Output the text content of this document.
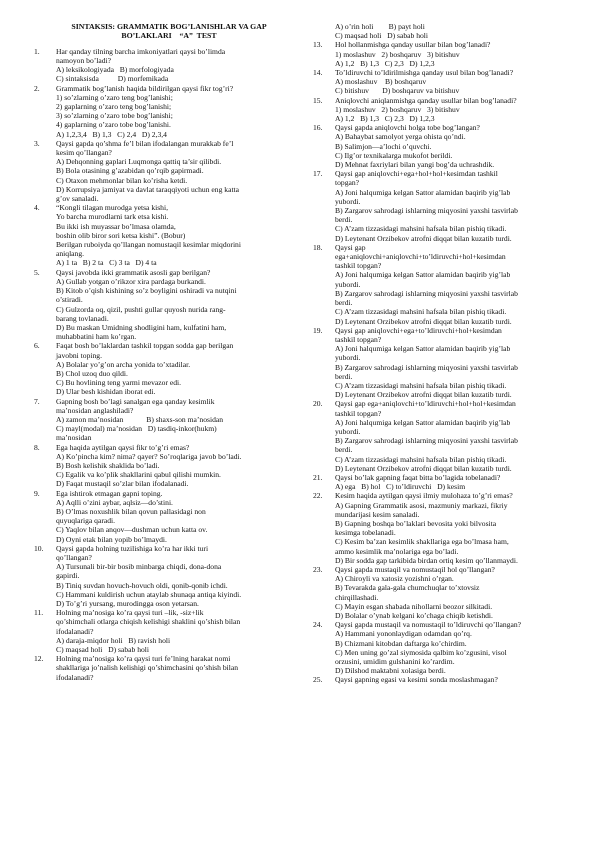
SINTAKSIS: GRAMMATIK BOG’LANISHLAR VA GAP
BO’LAKLARI    “A”  TEST
1.	Har qanday tilning barcha imkoniyatlari qaysi bo’limda
namoyon bo’ladi?
A) leksikologiyada   B) morfologiyada
C) sintaksisda          D) morfemikada
2.	Grammatik bog’lanish haqida bildirilgan qaysi fikr tog’ri?
1) so’zlarning o’zaro teng bog’lanishi;
2) gaplarning o’zaro teng bog’lanishi;
3) so’zlarning o’zaro tobe bog’lanishi;
4) gaplarning o’zaro tobe bog’lanishi.
A) 1,2,3,4   B) 1,3   C) 2,4   D) 2,3,4
3.	Qaysi gapda qo’shma fe’l bilan ifodalangan murakkab fe’l
kesim qo’llangan?
A) Dehqonning gaplari Luqmonga qattiq ta’sir qilibdi.
B) Bola otasining g’azabidan qo’rqib gapirmadi.
C) Otaxon mehmonlar bilan ko’risha ketdi.
D) Korrupsiya jamiyat va davlat taraqqiyoti uchun eng katta
g’ov sanaladi.
4.	“Kongli tilagan murodga yetsa kishi,
Yo barcha murodlarni tark etsa kishi.
Bu ikki ish muyassar bo’lmasa olamda,
boshin olib biror sori ketsa kishi”. (Bobur)
Berilgan rubоiyda qo’llangan nomustaqil kesimlar miqdorini
aniqlang.
A) 1 ta   B) 2 ta   C) 3 ta   D) 4 ta
5.	Qaysi javobda ikki grammatik asosli gap berilgan?
A) Gullab yotgan o’rikzor xira pardaga burkandi.
B) Kitob o’qish kishining so’z boyligini oshiradi va nutqini
o’stiradi.
C) Gulzorda oq, qizil, pushti gullar quyosh nurida rang-
barang tovlanadi.
D) Bu maskan Umidning shodligini ham, kulfatini ham,
muhabbatini ham ko’rgan.
6.	Faqat bosh bo’laklardan tashkil topgan sodda gap berilgan
javobni toping.
A) Bolalar yo’g’on archa yonida to’xtadilar.
B) Chol uzoq duo qildi.
C) Bu hovlining teng yarmi mevazor edi.
D) Ular besh kishidan iborat edi.
7.	Gapning bosh bo’lagi sanalgan ega qanday kesimlik
ma’nosidan anglashiladi?
A) zamon ma’nosidan            B) shaxs-son ma’nosidan
C) mayl(modal) ma’nosidan   D) tasdiq-inkor(hukm)
ma’nosidan
8.	Ega haqida aytilgan qaysi fikr to’g’ri emas?
A) Ko’pincha kim? nima? qayer? So’roqlariga javob bo’ladi.
B) Bosh kelishik shaklida bo’ladi.
C) Egalik va ko’plik shakllarini qabul qilishi mumkin.
D) Faqat mustaqil so’zlar bilan ifodalanadi.
9.	Ega ishtirok etmagan gapni toping.
A) Aqlli o’zini aybar, aqlsiz—do’stini.
B) O’lmas noxushlik bilan qovun pallasidagi non
quyuqlariga qaradi.
C) Yaqlov bilan anqov—dushman uchun katta ov.
D) Oyni etak bilan yopib bo’lmaydi.
10.	Qaysi gapda holning tuzilishiga ko’ra har ikki turi
qo’llangan?
A) Tursunali bir-bir bosib minbarga chiqdi, dona-dona
gapirdi.
B) Tiniq suvdan hovuch-hovuch oldi, qonib-qonib ichdi.
C) Hammani kuldirish uchun ataylab shunaqa antiqa kiyindi.
D) To’g’ri yursang, murodingga oson yetarsan.
11.	Holning ma’nosiga ko’ra qaysi turi –lik, -siz+lik
qo’shimchali otlarga chiqish kelishigi shaklini qo’shish bilan
ifodalanadi?
A) daraja-miqdor holi   B) ravish holi
C) maqsad holi   D) sabab holi
12.	Holning ma’nosiga ko’ra qaysi turi fe’lning harakat nomi
shakllariga jo’nalish kelishigi qo’shimchasini qo’shish bilan
ifodalanadi?
A) o’rin holi        B) payt holi
C) maqsad holi   D) sabab holi
13.	Hol hollanmishga qanday usullar bilan bog’lanadi?
1) moslashuv   2) boshqaruv   3) bitishuv
A) 1,2   B) 1,3   C) 2,3   D) 1,2,3
14.	To’ldiruvchi to’ldirilmishga qanday usul bilan bog’lanadi?
A) moslashuv    B) boshqaruv
C) bitishuv       D) boshqaruv va bitishuv
15.	Aniqlovchi aniqlanmishga qanday usullar bilan bog’lanadi?
1) moslashuv   2) boshqaruv   3) bitishuv
A) 1,2   B) 1,3   C) 2,3   D) 1,2,3
16.	Qaysi gapda aniqlovchi holga tobe bog’langan?
A) Bahaybat samolyot yerga ohista qo’ndi.
B) Salimjon—a’lochi o’quvchi.
C) Ilg’or texnikalarga mukofot berildi.
D) Mehnat faxriylari bilan yangi bog’da uchrashdik.
17.	Qaysi gap aniqlovchi+ega+hol+hol+kesimdan tashkil
topgan?
A) Joni halqumiga kelgan Sattor alamidan baqirib yig’lab
yubordi.
B) Zargarov sahrodagi ishlarning miqyosini yaxshi tasvirlab
berdi.
C) A’zam tizzasidagi mahsini hafsala bilan pishiq tikadi.
D) Leytenant Orzibekov atrofni diqqat bilan kuzatib turdi.
18.	Qaysi gap
ega+aniqlovchi+aniqlovchi+to’ldiruvchi+hol+kesimdan
tashkil topgan?
A) Joni halqumiga kelgan Sattor alamidan baqirib yig’lab
yubordi.
B) Zargarov sahrodagi ishlarning miqyosini yaxshi tasvirlab
berdi.
C) A’zam tizzasidagi mahsini hafsala bilan pishiq tikadi.
D) Leytenant Orzibekov atrofni diqqat bilan kuzatib turdi.
19.	Qaysi gap aniqlovchi+ega+to’ldiruvchi+hol+kesimdan
tashkil topgan?
A) Joni halqumiga kelgan Sattor alamidan baqirib yig’lab
yubordi.
B) Zargarov sahrodagi ishlarning miqyosini yaxshi tasvirlab
berdi.
C) A’zam tizzasidagi mahsini hafsala bilan pishiq tikadi.
D) Leytenant Orzibekov atrofni diqqat bilan kuzatib turdi.
20.	Qaysi gap ega+aniqlovchi+to’ldiruvchi+hol+hol+kesimdan
tashkil topgan?
A) Joni halqumiga kelgan Sattor alamidan baqirib yig’lab
yubordi.
B) Zargarov sahrodagi ishlarning miqyosini yaxshi tasvirlab
berdi.
C) A’zam tizzasidagi mahsini hafsala bilan pishiq tikadi.
D) Leytenant Orzibekov atrofni diqqat bilan kuzatib turdi.
21.	Qaysi bo’lak gapning faqat bitta bo’lagida tobelanadi?
A) ega   B) hol   C) to’ldiruvchi   D) kesim
22.	Kesim haqida aytilgan qaysi ilmiy mulohaza to’g’ri emas?
A) Gapning Grammatik asosi, mazmuniy markazi, fikriy
mundarijasi kesim sanaladi.
B) Gapning boshqa bo’laklari bevosita yoki bilvosita
kesimga tobelanadi.
C) Kesim ba’zan kesimlik shakllariga ega bo’lmasa ham,
ammo kesimlik ma’nolariga ega bo’ladi.
D) Bir sodda gap tarkibida birdan ortiq kesim qo’llanmaydi.
23.	Qaysi gapda mustaqil va nomustaqil hol qo’llangan?
A) Chiroyli va xatosiz yozishni o’rgan.
B) Tevarakda gala-gala chumchuqlar to’xtovsiz
chirqillashadi.
C) Mayin esgan shabada nihollarni beozor silkitadi.
D) Bolalar o’ynab kelgani ko’chaga chiqib ketishdi.
24.	Qaysi gapda mustaqil va nomustaqil to’ldiruvchi qo’llangan?
A) Hammani yononlaydigan odamdan qo’rq.
B) Chizmani kitobdan daftarga ko’chirdim.
C) Men uning go’zal siymosida qalbim ko’zgusini, visol
orzusini, umidim gulshanini ko’rardim.
D) Dilshod maktabni xolasiga berdi.
25.	Qaysi gapning egasi va kesimi sonda moslashmagan?
